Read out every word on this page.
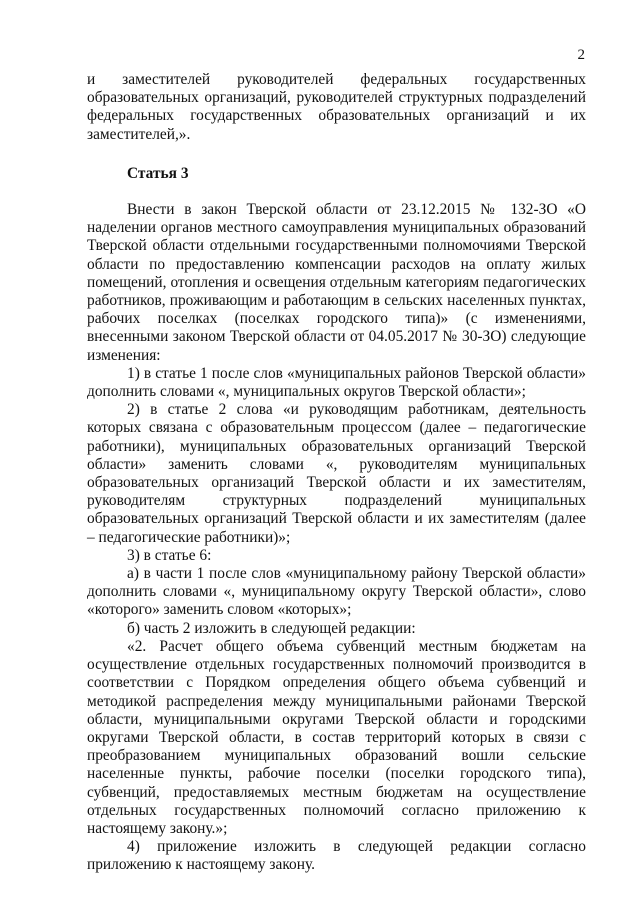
2

и заместителей руководителей федеральных государственных образовательных организаций, руководителей структурных подразделений федеральных государственных образовательных организаций и их заместителей,».

Статья 3

Внести в закон Тверской области от 23.12.2015 № 132-ЗО «О наделении органов местного самоуправления муниципальных образований Тверской области отдельными государственными полномочиями Тверской области по предоставлению компенсации расходов на оплату жилых помещений, отопления и освещения отдельным категориям педагогических работников, проживающим и работающим в сельских населенных пунктах, рабочих поселках (поселках городского типа)» (с изменениями, внесенными законом Тверской области от 04.05.2017 № 30-ЗО) следующие изменения:

1) в статье 1 после слов «муниципальных районов Тверской области» дополнить словами «, муниципальных округов Тверской области»;

2) в статье 2 слова «и руководящим работникам, деятельность которых связана с образовательным процессом (далее – педагогические работники), муниципальных образовательных организаций Тверской области» заменить словами «, руководителям муниципальных образовательных организаций Тверской области и их заместителям, руководителям структурных подразделений муниципальных образовательных организаций Тверской области и их заместителям (далее – педагогические работники)»;

3) в статье 6:

а) в части 1 после слов «муниципальному району Тверской области» дополнить словами «, муниципальному округу Тверской области», слово «которого» заменить словом «которых»;

б) часть 2 изложить в следующей редакции:

«2. Расчет общего объема субвенций местным бюджетам на осуществление отдельных государственных полномочий производится в соответствии с Порядком определения общего объема субвенций и методикой распределения между муниципальными районами Тверской области, муниципальными округами Тверской области и городскими округами Тверской области, в состав территорий которых в связи с преобразованием муниципальных образований вошли сельские населенные пункты, рабочие поселки (поселки городского типа), субвенций, предоставляемых местным бюджетам на осуществление отдельных государственных полномочий согласно приложению к настоящему закону.»;

4) приложение изложить в следующей редакции согласно приложению к настоящему закону.
